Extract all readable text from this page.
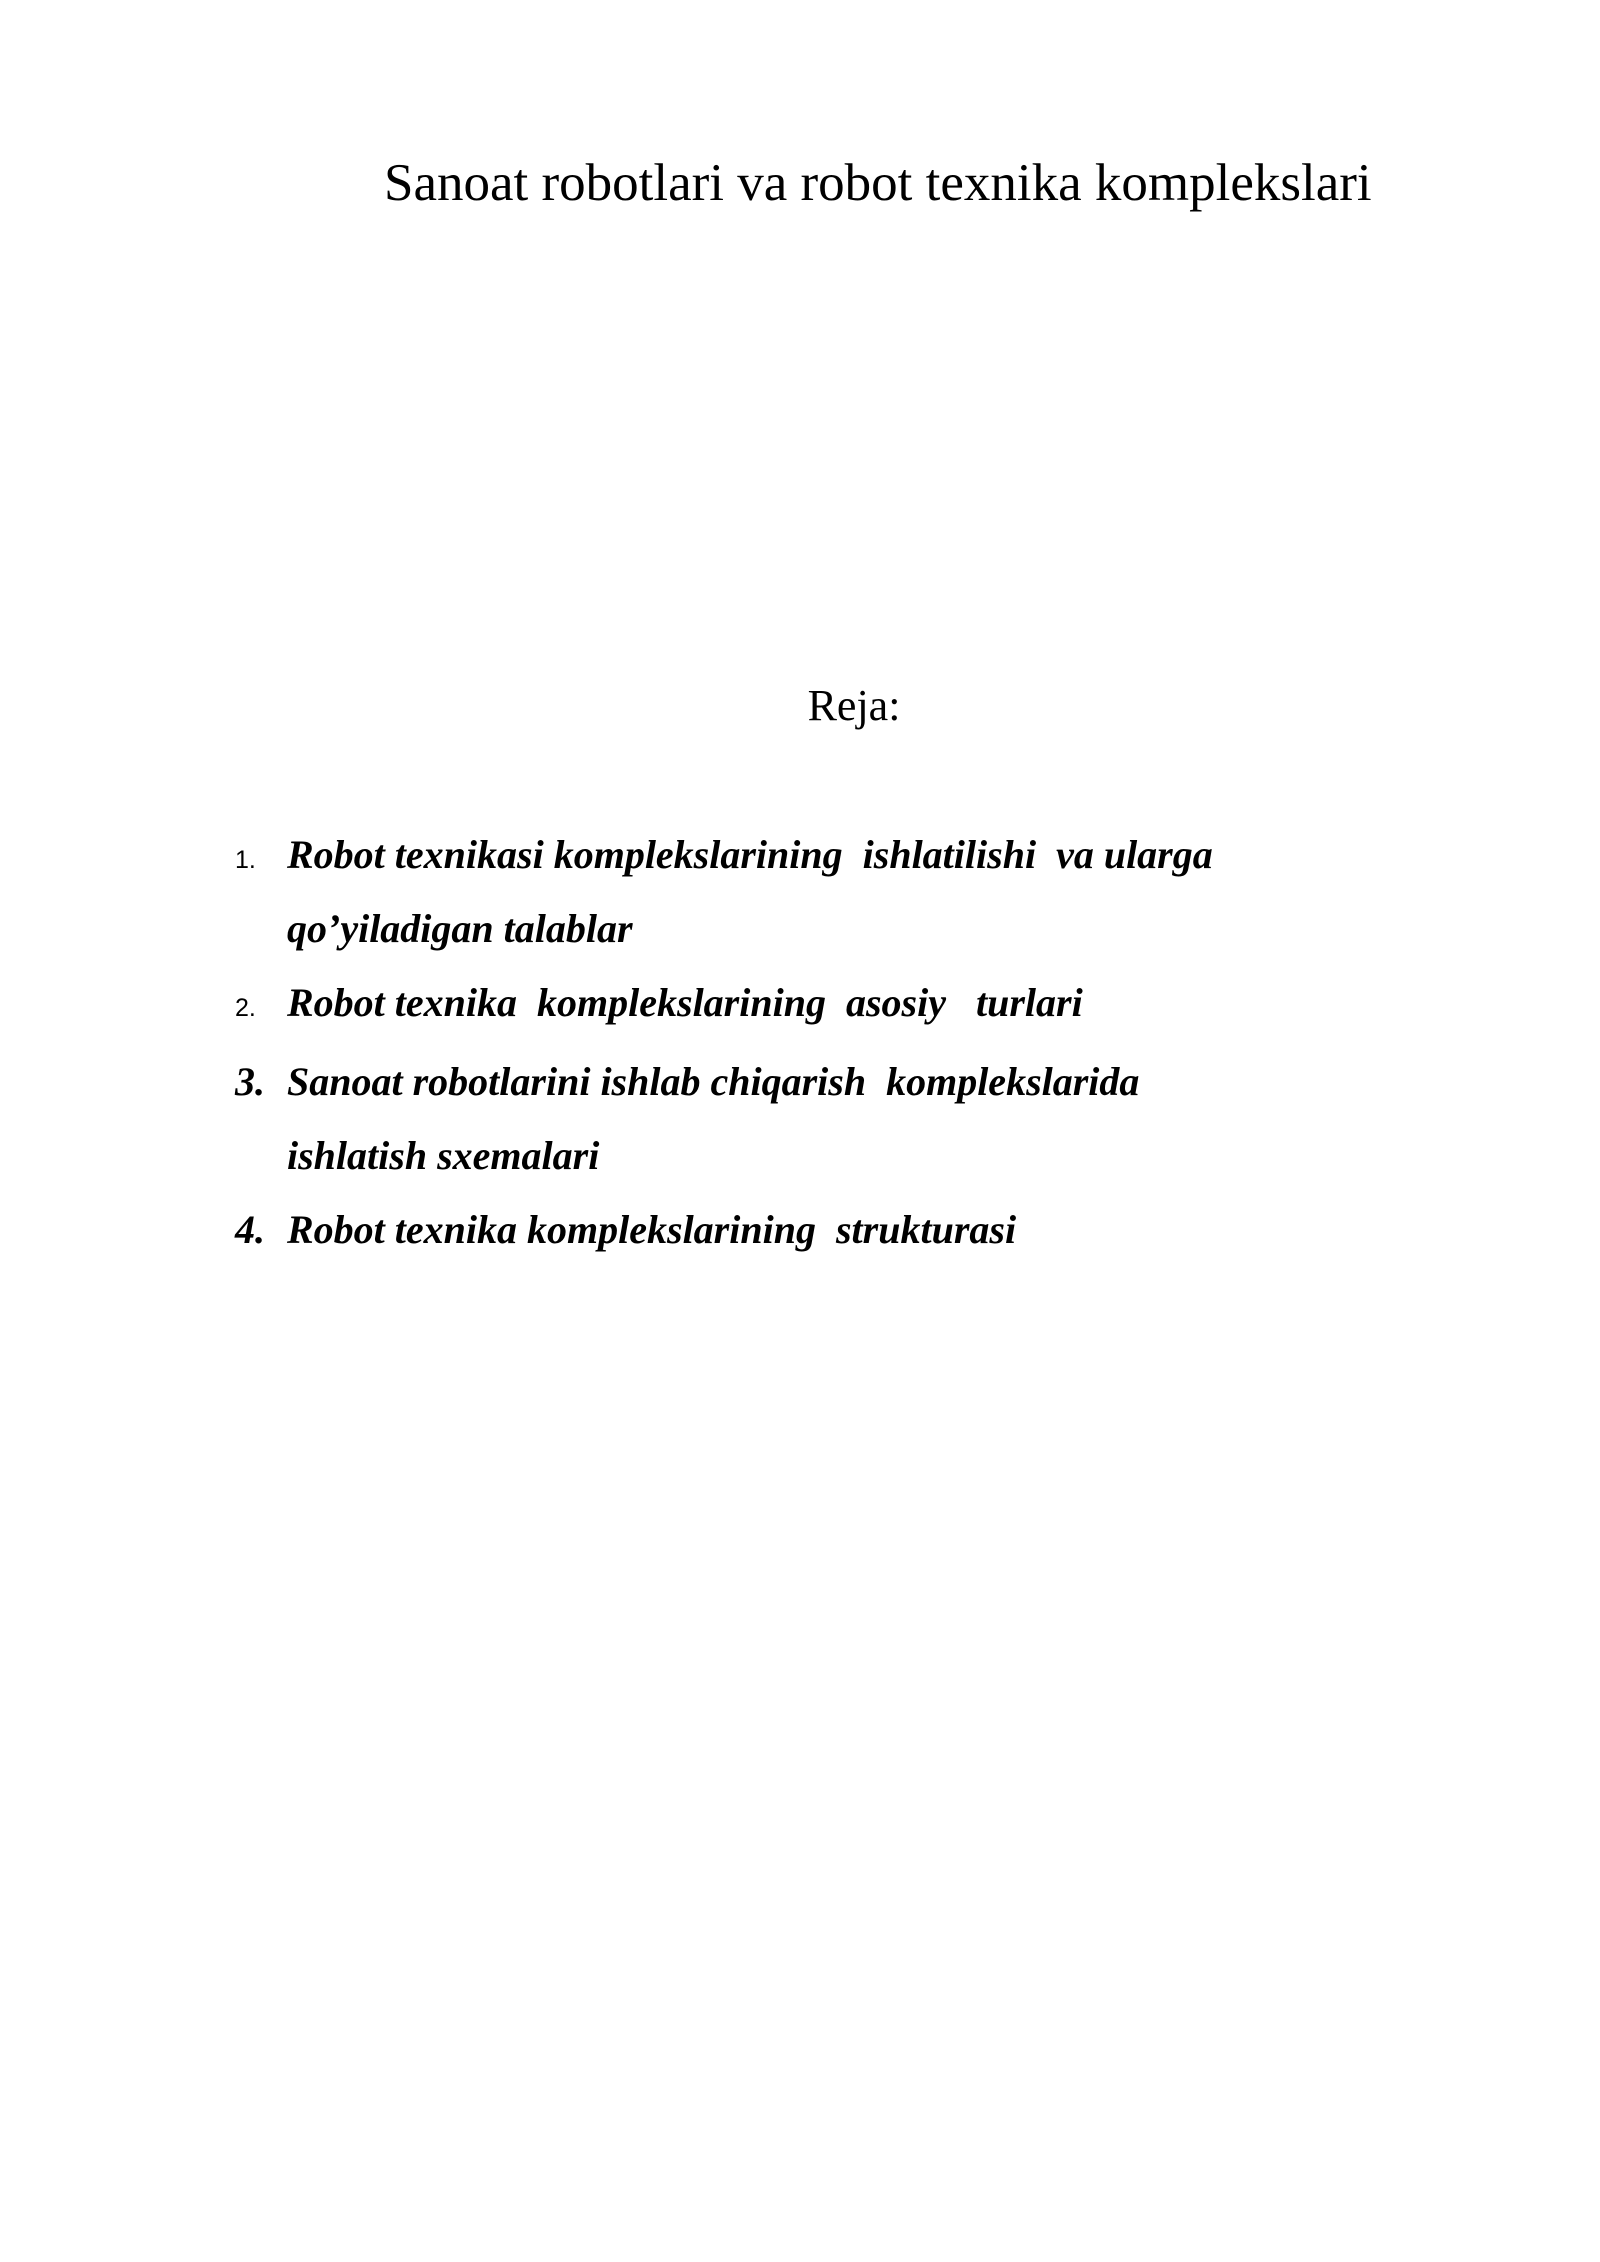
Sanoat robotlari va robot texnika komplekslari
Reja:
1. Robot texnikasi komplekslarining  ishlatilishi  va ularga qo’yiladigan talablar
2. Robot texnika  komplekslarining  asosiy   turlari
3. Sanoat robotlarini ishlab chiqarish  komplekslarida  ishlatish sxemalari
4. Robot texnika komplekslarining  strukturasi
